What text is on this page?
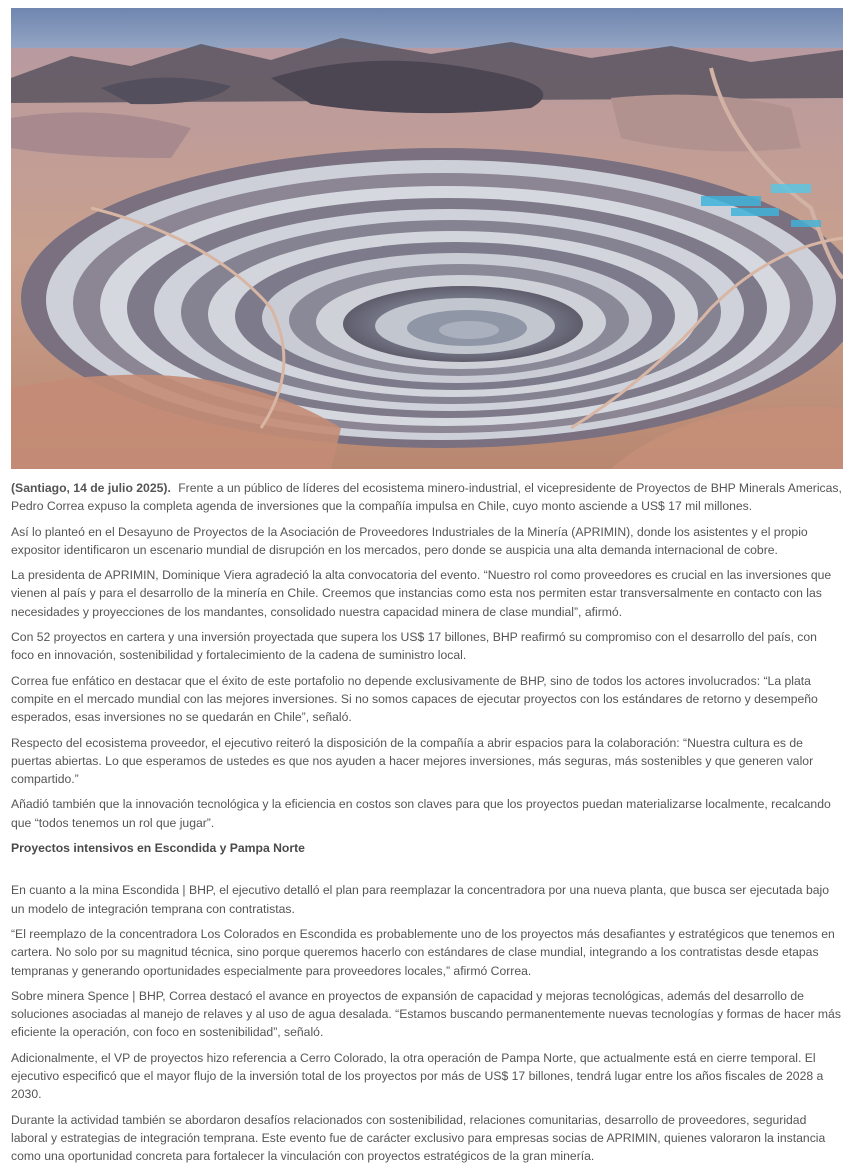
(Santiago, 14 de julio 2025). Frente a un público de líderes del ecosistema minero-industrial, el vicepresidente de Proyectos de BHP Minerals Americas, Pedro Correa expuso la completa agenda de inversiones que la compañía impulsa en Chile, cuyo monto asciende a US$ 17 mil millones.

Así lo planteó en el Desayuno de Proyectos de la Asociación de Proveedores Industriales de la Minería (APRIMIN), donde los asistentes y el propio expositor identificaron un escenario mundial de disrupción en los mercados, pero donde se auspicia una alta demanda internacional de cobre.

La presidenta de APRIMIN, Dominique Viera agradeció la alta convocatoria del evento. “Nuestro rol como proveedores es crucial en las inversiones que vienen al país y para el desarrollo de la minería en Chile. Creemos que instancias como esta nos permiten estar transversalmente en contacto con las necesidades y proyecciones de los mandantes, consolidado nuestra capacidad minera de clase mundial”, afirmó.

Con 52 proyectos en cartera y una inversión proyectada que supera los US$ 17 billones, BHP reafirmó su compromiso con el desarrollo del país, con foco en innovación, sostenibilidad y fortalecimiento de la cadena de suministro local.

Correa fue enfático en destacar que el éxito de este portafolio no depende exclusivamente de BHP, sino de todos los actores involucrados: “La plata compite en el mercado mundial con las mejores inversiones. Si no somos capaces de ejecutar proyectos con los estándares de retorno y desempeño esperados, esas inversiones no se quedarán en Chile”, señaló.

Respecto del ecosistema proveedor, el ejecutivo reiteró la disposición de la compañía a abrir espacios para la colaboración: “Nuestra cultura es de puertas abiertas. Lo que esperamos de ustedes es que nos ayuden a hacer mejores inversiones, más seguras, más sostenibles y que generen valor compartido.”

Añadió también que la innovación tecnológica y la eficiencia en costos son claves para que los proyectos puedan materializarse localmente, recalcando que “todos tenemos un rol que jugar”.

Proyectos intensivos en Escondida y Pampa Norte

En cuanto a la mina Escondida | BHP, el ejecutivo detalló el plan para reemplazar la concentradora por una nueva planta, que busca ser ejecutada bajo un modelo de integración temprana con contratistas.

“El reemplazo de la concentradora Los Colorados en Escondida es probablemente uno de los proyectos más desafiantes y estratégicos que tenemos en cartera. No solo por su magnitud técnica, sino porque queremos hacerlo con estándares de clase mundial, integrando a los contratistas desde etapas tempranas y generando oportunidades especialmente para proveedores locales,” afirmó Correa.

Sobre minera Spence | BHP, Correa destacó el avance en proyectos de expansión de capacidad y mejoras tecnológicas, además del desarrollo de soluciones asociadas al manejo de relaves y al uso de agua desalada. “Estamos buscando permanentemente nuevas tecnologías y formas de hacer más eficiente la operación, con foco en sostenibilidad”, señaló.

Adicionalmente, el VP de proyectos hizo referencia a Cerro Colorado, la otra operación de Pampa Norte, que actualmente está en cierre temporal. El ejecutivo especificó que el mayor flujo de la inversión total de los proyectos por más de US$ 17 billones, tendrá lugar entre los años fiscales de 2028 a 2030.

Durante la actividad también se abordaron desafíos relacionados con sostenibilidad, relaciones comunitarias, desarrollo de proveedores, seguridad laboral y estrategias de integración temprana. Este evento fue de carácter exclusivo para empresas socias de APRIMIN, quienes valoraron la instancia como una oportunidad concreta para fortalecer la vinculación con proyectos estratégicos de la gran minería.
